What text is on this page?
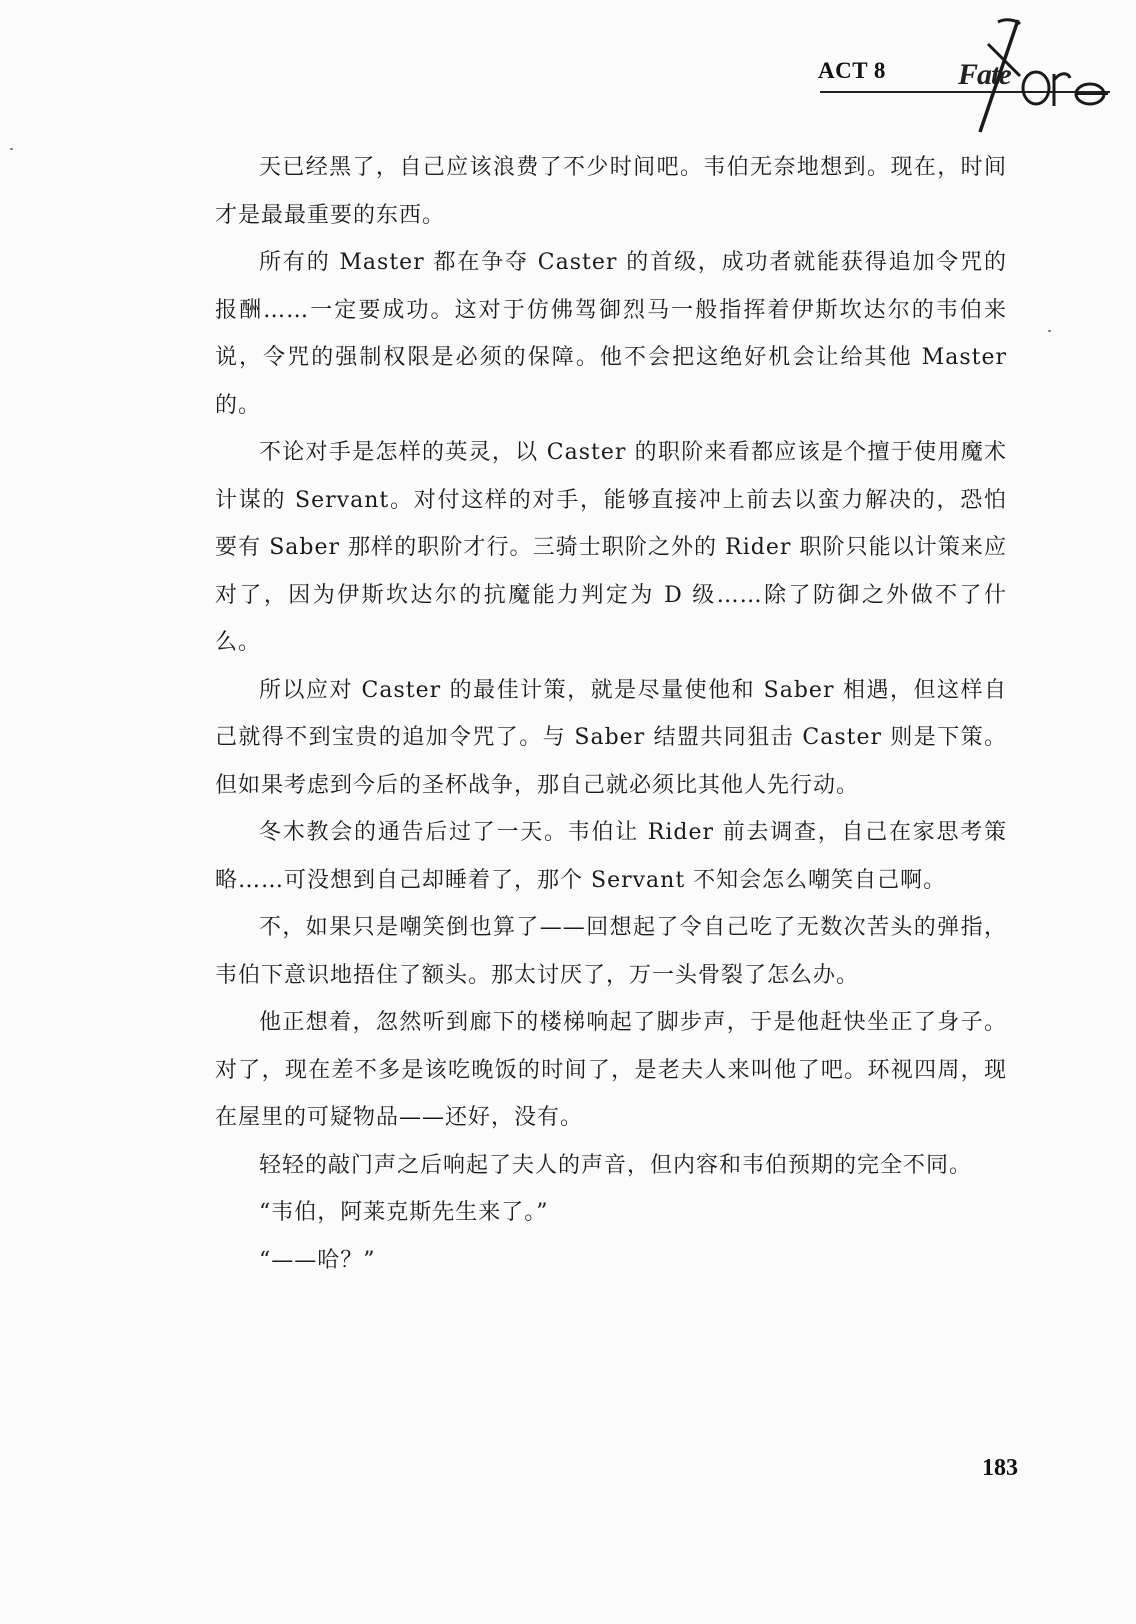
ACT 8 Fate

天已经黑了，自己应该浪费了不少时间吧。韦伯无奈地想到。现在，时间才是最最重要的东西。

所有的 Master 都在争夺 Caster 的首级，成功者就能获得追加令咒的报酬……一定要成功。这对于仿佛驾御烈马一般指挥着伊斯坎达尔的韦伯来说，令咒的强制权限是必须的保障。他不会把这绝好机会让给其他 Master 的。

不论对手是怎样的英灵，以 Caster 的职阶来看都应该是个擅于使用魔术计谋的 Servant。对付这样的对手，能够直接冲上前去以蛮力解决的，恐怕要有 Saber 那样的职阶才行。三骑士职阶之外的 Rider 职阶只能以计策来应对了，因为伊斯坎达尔的抗魔能力判定为 D 级……除了防御之外做不了什么。

所以应对 Caster 的最佳计策，就是尽量使他和 Saber 相遇，但这样自己就得不到宝贵的追加令咒了。与 Saber 结盟共同狙击 Caster 则是下策。但如果考虑到今后的圣杯战争，那自己就必须比其他人先行动。

冬木教会的通告后过了一天。韦伯让 Rider 前去调查，自己在家思考策略……可没想到自己却睡着了，那个 Servant 不知会怎么嘲笑自己啊。

不，如果只是嘲笑倒也算了——回想起了令自己吃了无数次苦头的弹指，韦伯下意识地捂住了额头。那太讨厌了，万一头骨裂了怎么办。

他正想着，忽然听到廊下的楼梯响起了脚步声，于是他赶快坐正了身子。对了，现在差不多是该吃晚饭的时间了，是老夫人来叫他了吧。环视四周，现在屋里的可疑物品——还好，没有。

轻轻的敲门声之后响起了夫人的声音，但内容和韦伯预期的完全不同。

“韦伯，阿莱克斯先生来了。”

“——哈？”

183
